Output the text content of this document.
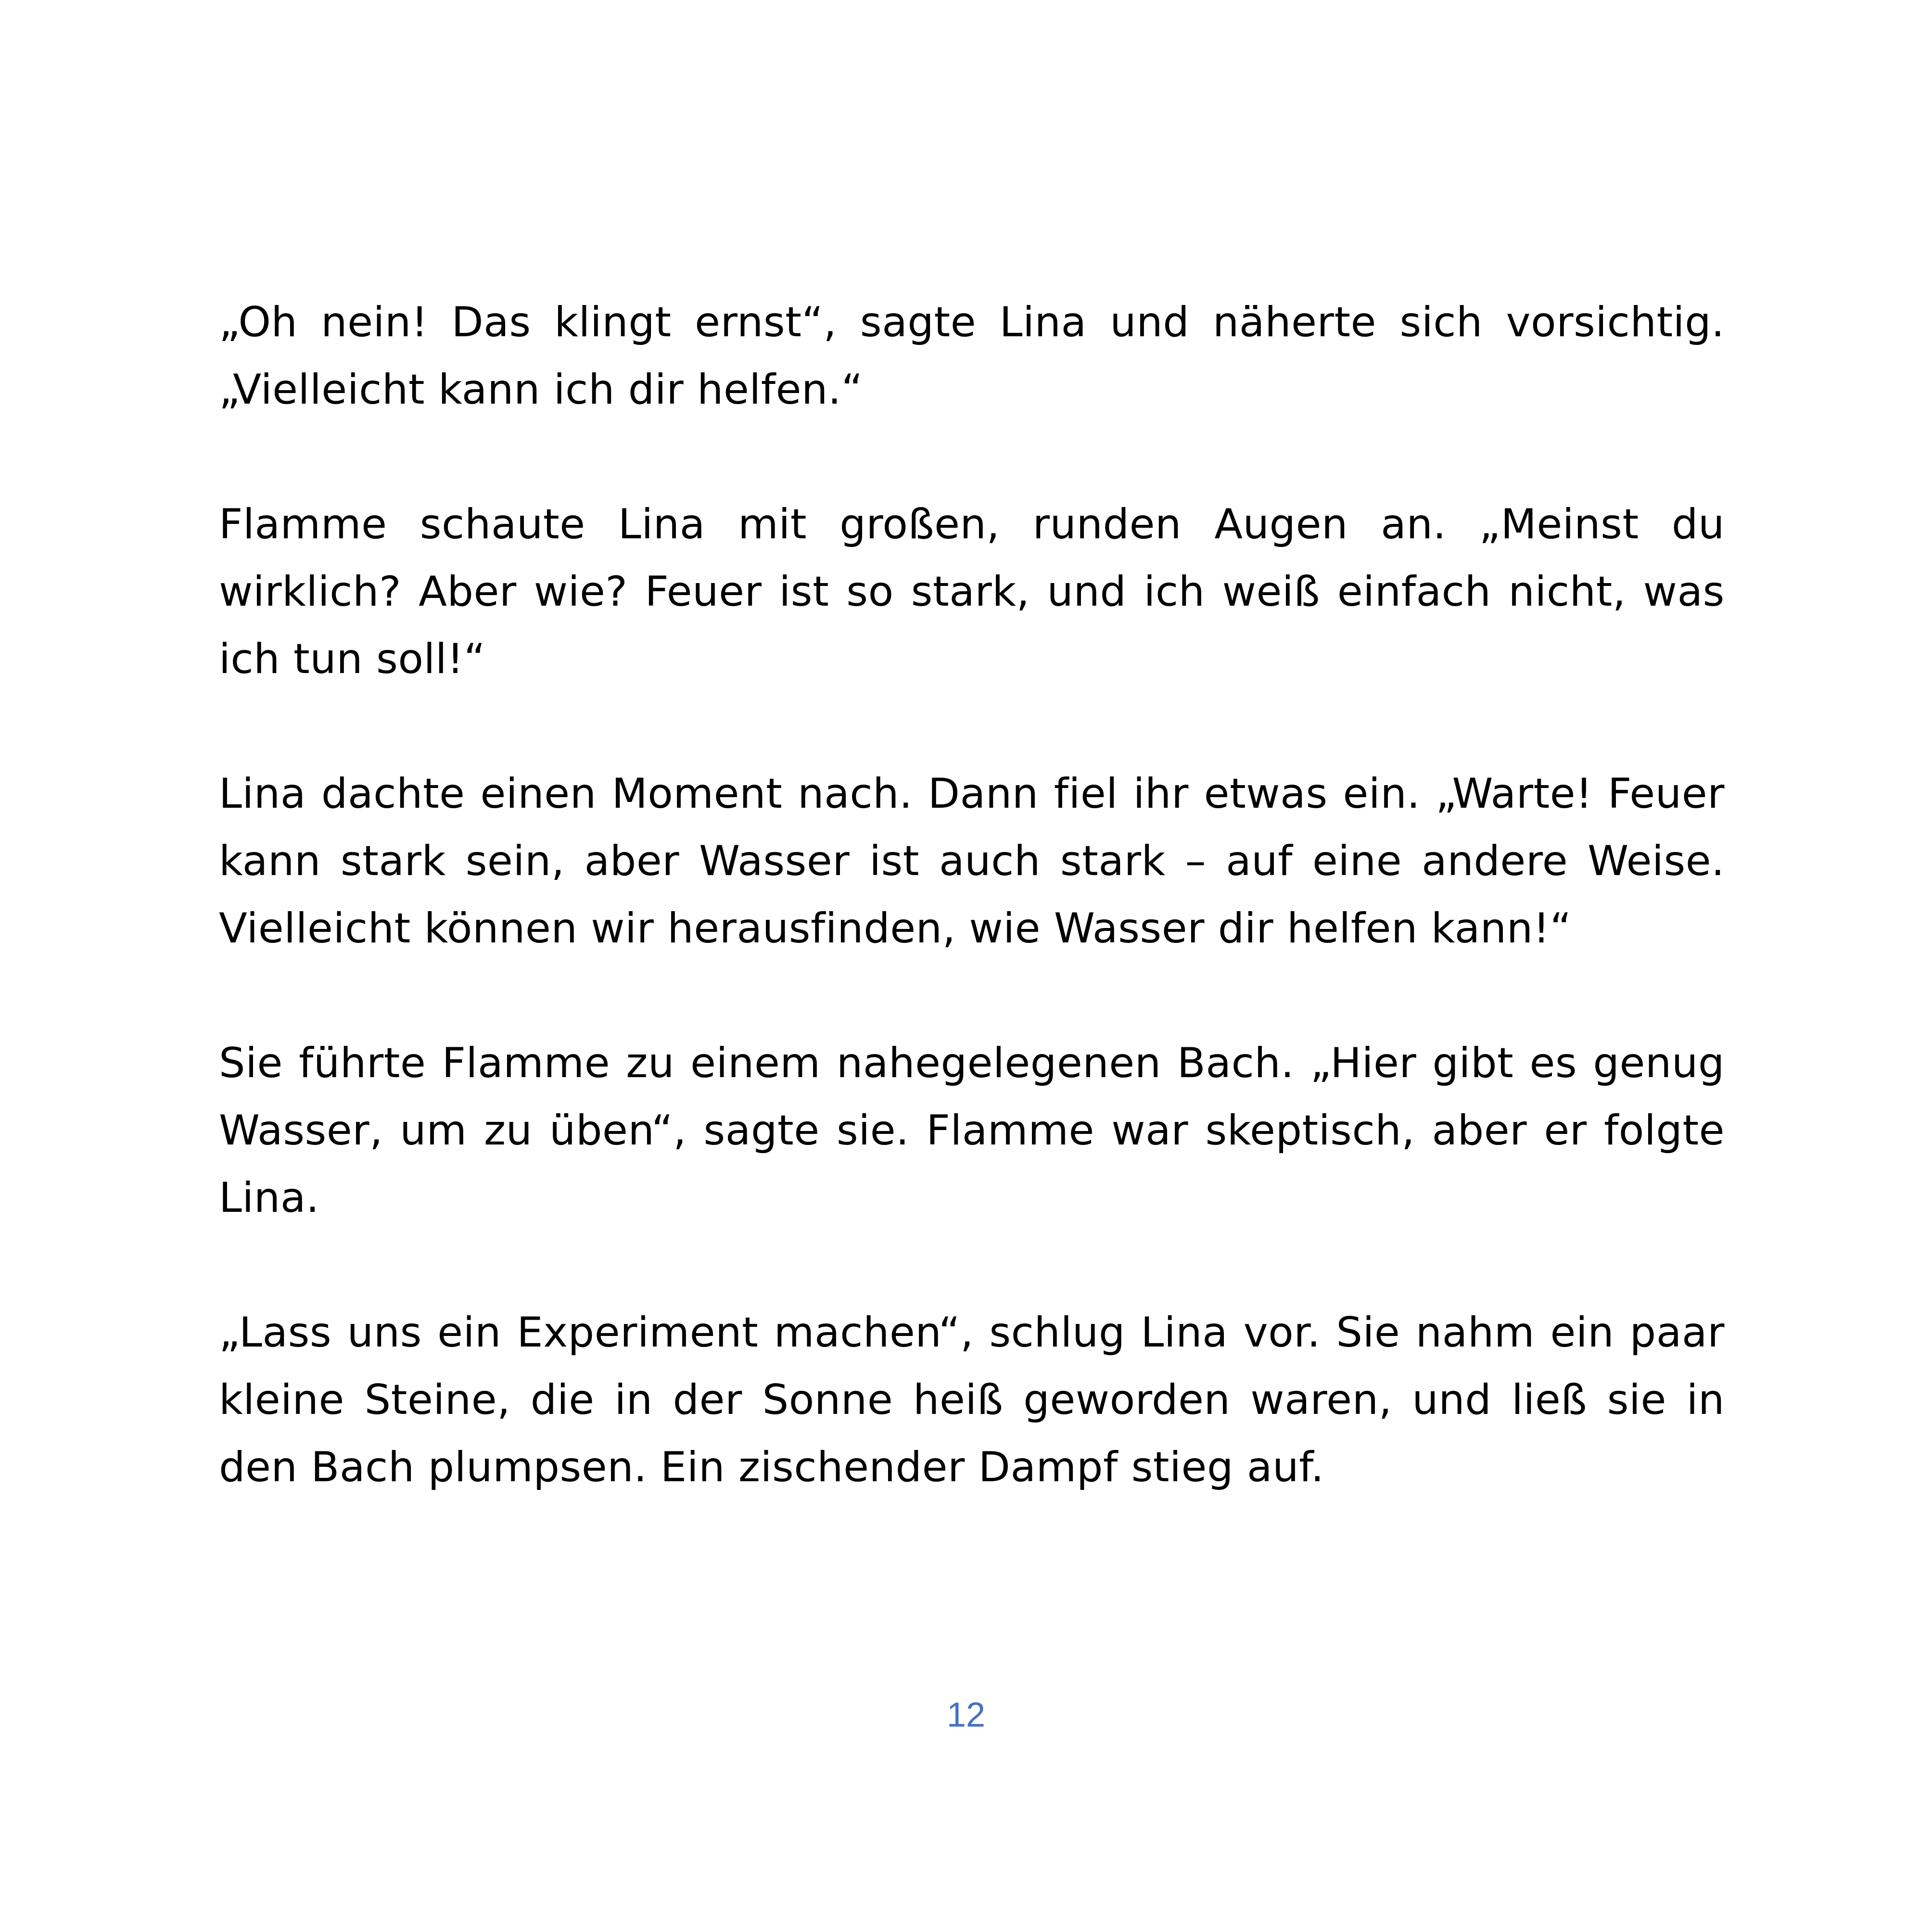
„Oh nein! Das klingt ernst“, sagte Lina und näherte sich vorsichtig. „Vielleicht kann ich dir helfen.“

Flamme schaute Lina mit großen, runden Augen an. „Meinst du wirklich? Aber wie? Feuer ist so stark, und ich weiß einfach nicht, was ich tun soll!“

Lina dachte einen Moment nach. Dann fiel ihr etwas ein. „Warte! Feuer kann stark sein, aber Wasser ist auch stark – auf eine andere Weise. Vielleicht können wir herausfinden, wie Wasser dir helfen kann!“

Sie führte Flamme zu einem nahegelegenen Bach. „Hier gibt es genug Wasser, um zu üben“, sagte sie. Flamme war skeptisch, aber er folgte Lina.

„Lass uns ein Experiment machen“, schlug Lina vor. Sie nahm ein paar kleine Steine, die in der Sonne heiß geworden waren, und ließ sie in den Bach plumpsen. Ein zischender Dampf stieg auf.

12
